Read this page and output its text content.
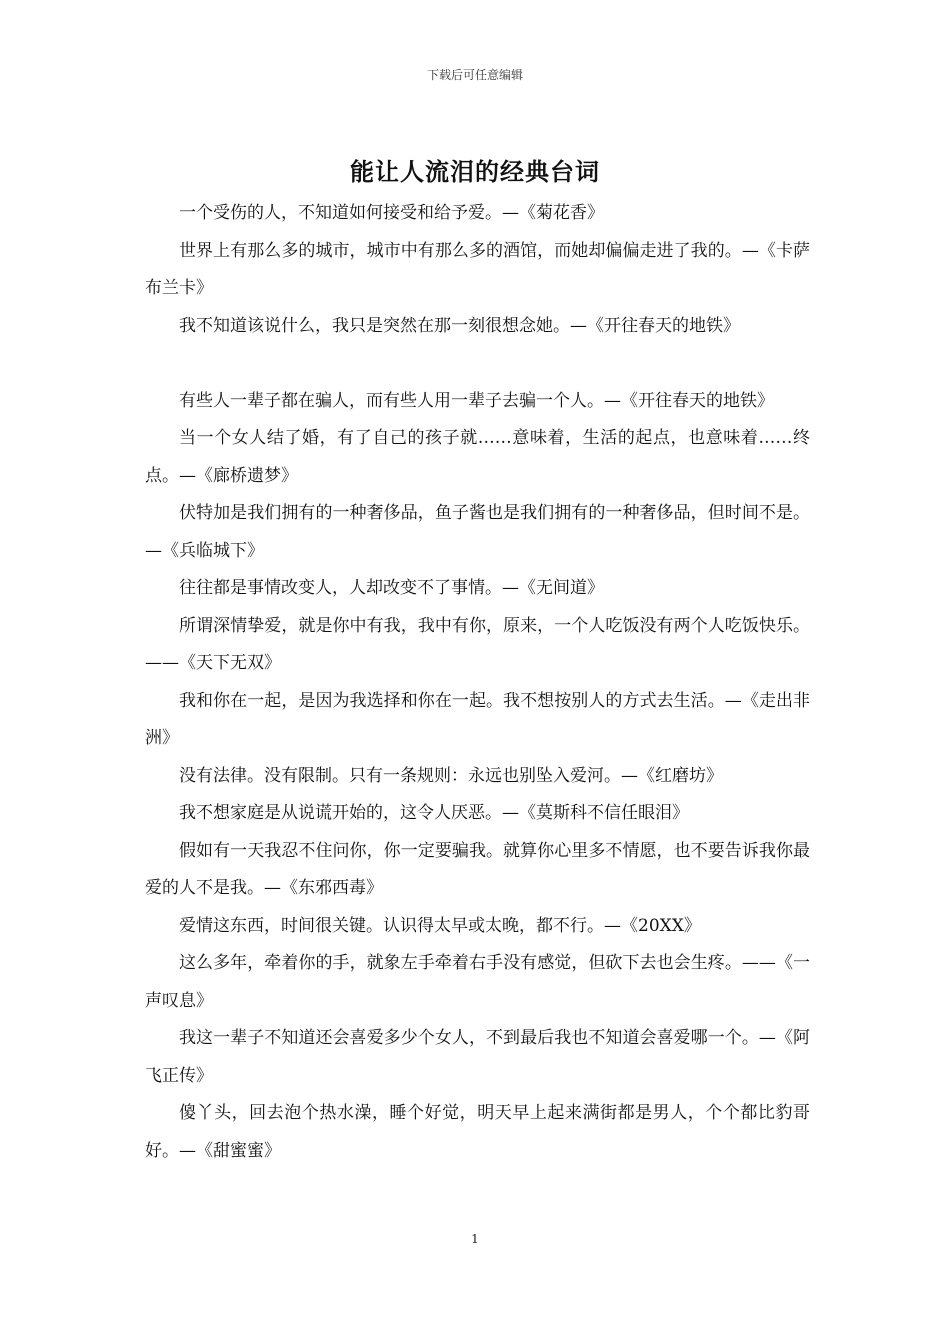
下载后可任意编辑
能让人流泪的经典台词

一个受伤的人，不知道如何接受和给予爱。—《菊花香》

世界上有那么多的城市，城市中有那么多的酒馆，而她却偏偏走进了我的。—《卡萨布兰卡》

我不知道该说什么，我只是突然在那一刻很想念她。—《开往春天的地铁》

有些人一辈子都在骗人，而有些人用一辈子去骗一个人。—《开往春天的地铁》

当一个女人结了婚，有了自己的孩子就……意味着，生活的起点，也意味着……终点。—《廊桥遗梦》

伏特加是我们拥有的一种奢侈品，鱼子酱也是我们拥有的一种奢侈品，但时间不是。—《兵临城下》

往往都是事情改变人，人却改变不了事情。—《无间道》

所谓深情挚爱，就是你中有我，我中有你，原来，一个人吃饭没有两个人吃饭快乐。——《天下无双》

我和你在一起，是因为我选择和你在一起。我不想按别人的方式去生活。—《走出非洲》

没有法律。没有限制。只有一条规则：永远也别坠入爱河。—《红磨坊》

我不想家庭是从说谎开始的，这令人厌恶。—《莫斯科不信任眼泪》

假如有一天我忍不住问你，你一定要骗我。就算你心里多不情愿，也不要告诉我你最爱的人不是我。—《东邪西毒》

爱情这东西，时间很关键。认识得太早或太晚，都不行。—《20XX》

这么多年，牵着你的手，就象左手牵着右手没有感觉，但砍下去也会生疼。——《一声叹息》

我这一辈子不知道还会喜爱多少个女人，不到最后我也不知道会喜爱哪一个。—《阿飞正传》

傻丫头，回去泡个热水澡，睡个好觉，明天早上起来满街都是男人，个个都比豹哥好。—《甜蜜蜜》

1
